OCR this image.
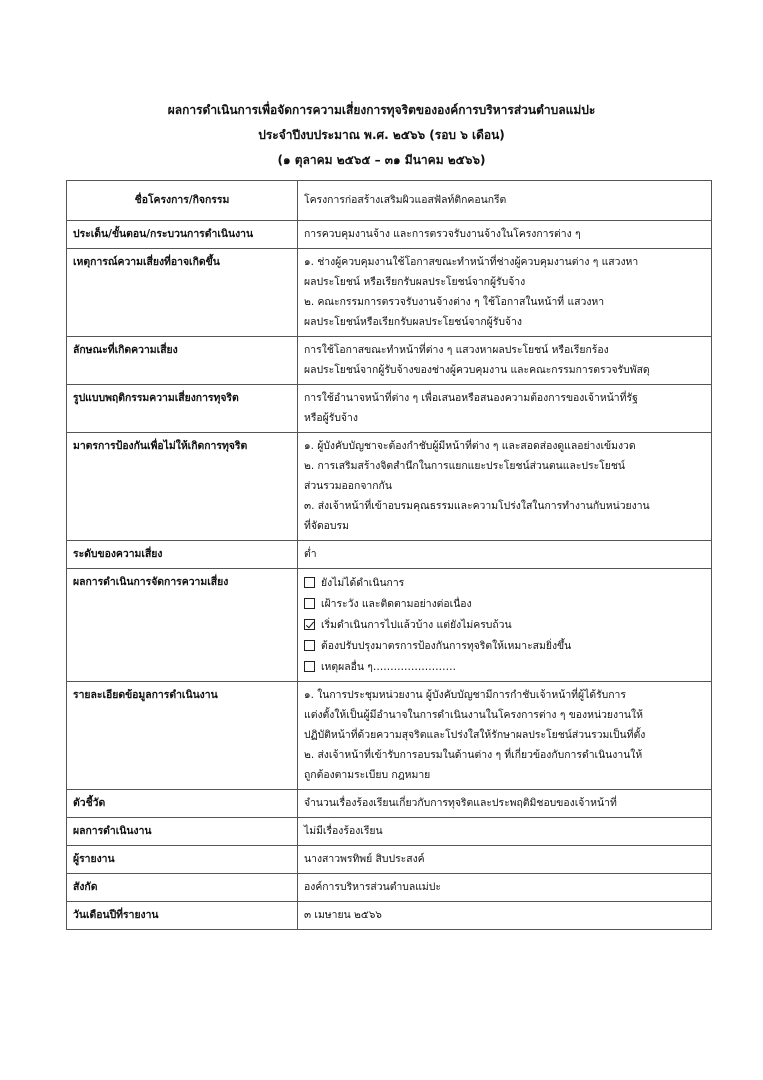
ผลการดำเนินการเพื่อจัดการความเสี่ยงการทุจริตขององค์การบริหารส่วนตำบลแม่ปะ
ประจำปีงบประมาณ พ.ศ. ๒๕๖๖ (รอบ ๖ เดือน)
(๑ ตุลาคม ๒๕๖๕ – ๓๑ มีนาคม ๒๕๖๖)
ชื่อโครงการ/กิจกรรม	โครงการก่อสร้างเสริมผิวแอสฟัลท์ติกคอนกรีต

ประเด็น/ขั้นตอน/กระบวนการดำเนินงาน	การควบคุมงานจ้าง และการตรวจรับงานจ้างในโครงการต่าง ๆ

เหตุการณ์ความเสี่ยงที่อาจเกิดขึ้น	๑. ช่างผู้ควบคุมงานใช้โอกาสขณะทำหน้าที่ช่างผู้ควบคุมงานต่าง ๆ แสวงหา
ผลประโยชน์ หรือเรียกรับผลประโยชน์จากผู้รับจ้าง
๒. คณะกรรมการตรวจรับงานจ้างต่าง ๆ ใช้โอกาสในหน้าที่ แสวงหา
ผลประโยชน์หรือเรียกรับผลประโยชน์จากผู้รับจ้าง

ลักษณะที่เกิดความเสี่ยง	การใช้โอกาสขณะทำหน้าที่ต่าง ๆ แสวงหาผลประโยชน์ หรือเรียกร้อง
ผลประโยชน์จากผู้รับจ้างของช่างผู้ควบคุมงาน และคณะกรรมการตรวจรับพัสดุ

รูปแบบพฤติกรรมความเสี่ยงการทุจริต	การใช้อำนาจหน้าที่ต่าง ๆ เพื่อเสนอหรือสนองความต้องการของเจ้าหน้าที่รัฐ
หรือผู้รับจ้าง

มาตรการป้องกันเพื่อไม่ให้เกิดการทุจริต	๑. ผู้บังคับบัญชาจะต้องกำชับผู้มีหน้าที่ต่าง ๆ และสอดส่องดูแลอย่างเข้มงวด
๒. การเสริมสร้างจิตสำนึกในการแยกแยะประโยชน์ส่วนตนและประโยชน์
ส่วนรวมออกจากกัน
๓. ส่งเจ้าหน้าที่เข้าอบรมคุณธรรมและความโปร่งใสในการทำงานกับหน่วยงาน
ที่จัดอบรม

ระดับของความเสี่ยง	ต่ำ

ผลการดำเนินการจัดการความเสี่ยง	ยังไม่ได้ดำเนินการ
เฝ้าระวัง และติดตามอย่างต่อเนื่อง
เริ่มดำเนินการไปแล้วบ้าง แต่ยังไม่ครบถ้วน
ต้องปรับปรุงมาตรการป้องกันการทุจริตให้เหมาะสมยิ่งขึ้น
เหตุผลอื่น ๆ……………………

รายละเอียดข้อมูลการดำเนินงาน	๑. ในการประชุมหน่วยงาน ผู้บังคับบัญชามีการกำชับเจ้าหน้าที่ผู้ได้รับการ
แต่งตั้งให้เป็นผู้มีอำนาจในการดำเนินงานในโครงการต่าง ๆ ของหน่วยงานให้
ปฏิบัติหน้าที่ด้วยความสุจริตและโปร่งใสให้รักษาผลประโยชน์ส่วนรวมเป็นที่ตั้ง
๒. ส่งเจ้าหน้าที่เข้ารับการอบรมในด้านต่าง ๆ ที่เกี่ยวข้องกับการดำเนินงานให้
ถูกต้องตามระเบียบ กฎหมาย

ตัวชี้วัด	จำนวนเรื่องร้องเรียนเกี่ยวกับการทุจริตและประพฤติมิชอบของเจ้าหน้าที่

ผลการดำเนินงาน	ไม่มีเรื่องร้องเรียน

ผู้รายงาน	นางสาวพรทิพย์ สิบประสงค์

สังกัด	องค์การบริหารส่วนตำบลแม่ปะ

วันเดือนปีที่รายงาน	๓ เมษายน ๒๕๖๖
